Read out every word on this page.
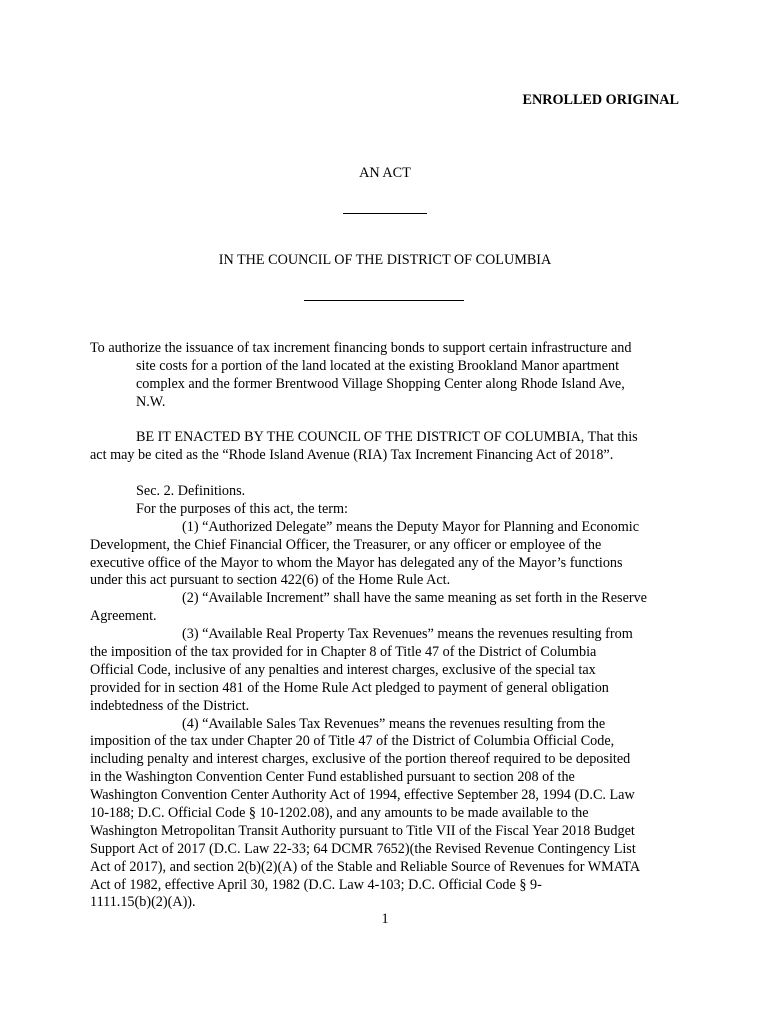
ENROLLED ORIGINAL
AN ACT
IN THE COUNCIL OF THE DISTRICT OF COLUMBIA
To authorize the issuance of tax increment financing bonds to support certain infrastructure and
site costs for a portion of the land located at the existing Brookland Manor apartment
complex and the former Brentwood Village Shopping Center along Rhode Island Ave,
N.W.
BE IT ENACTED BY THE COUNCIL OF THE DISTRICT OF COLUMBIA, That this
act may be cited as the “Rhode Island Avenue (RIA) Tax Increment Financing Act of 2018”.
Sec. 2. Definitions.
For the purposes of this act, the term:
(1) “Authorized Delegate” means the Deputy Mayor for Planning and Economic
Development, the Chief Financial Officer, the Treasurer, or any officer or employee of the
executive office of the Mayor to whom the Mayor has delegated any of the Mayor’s functions
under this act pursuant to section 422(6) of the Home Rule Act.
(2) “Available Increment” shall have the same meaning as set forth in the Reserve
Agreement.
(3) “Available Real Property Tax Revenues” means the revenues resulting from
the imposition of the tax provided for in Chapter 8 of Title 47 of the District of Columbia
Official Code, inclusive of any penalties and interest charges, exclusive of the special tax
provided for in section 481 of the Home Rule Act pledged to payment of general obligation
indebtedness of the District.
(4) “Available Sales Tax Revenues” means the revenues resulting from the
imposition of the tax under Chapter 20 of Title 47 of the District of Columbia Official Code,
including penalty and interest charges, exclusive of the portion thereof required to be deposited
in the Washington Convention Center Fund established pursuant to section 208 of the
Washington Convention Center Authority Act of 1994, effective September 28, 1994 (D.C. Law
10-188; D.C. Official Code § 10-1202.08), and any amounts to be made available to the
Washington Metropolitan Transit Authority pursuant to Title VII of the Fiscal Year 2018 Budget
Support Act of 2017 (D.C. Law 22-33; 64 DCMR 7652)(the Revised Revenue Contingency List
Act of 2017), and section 2(b)(2)(A) of the Stable and Reliable Source of Revenues for WMATA
Act of 1982, effective April 30, 1982 (D.C. Law 4-103; D.C. Official Code § 9-
1111.15(b)(2)(A)).
1
